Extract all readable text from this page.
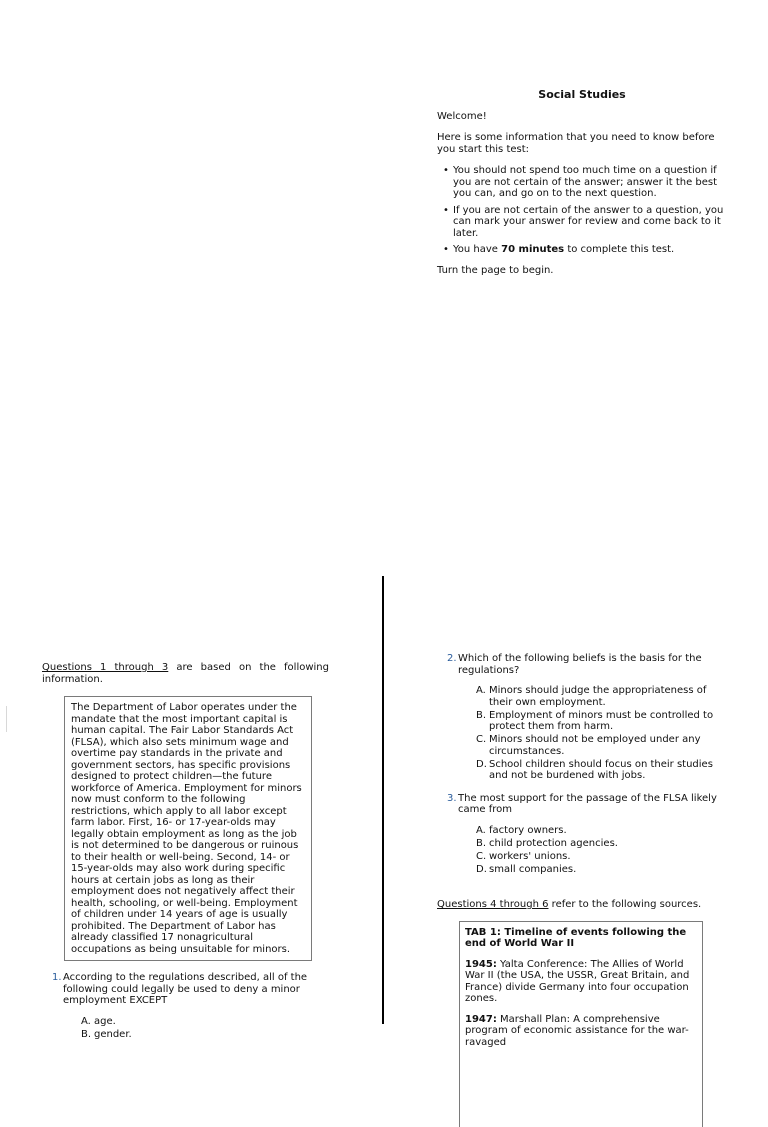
Social Studies

Welcome!

Here is some information that you need to know before you start this test:

• You should not spend too much time on a question if you are not certain of the answer; answer it the best you can, and go on to the next question.
• If you are not certain of the answer to a question, you can mark your answer for review and come back to it later.
• You have 70 minutes to complete this test.

Turn the page to begin.

Questions 1 through 3 are based on the following information.

The Department of Labor operates under the mandate that the most important capital is human capital. The Fair Labor Standards Act (FLSA), which also sets minimum wage and overtime pay standards in the private and government sectors, has specific provisions designed to protect children—the future workforce of America. Employment for minors now must conform to the following restrictions, which apply to all labor except farm labor. First, 16- or 17-year-olds may legally obtain employment as long as the job is not determined to be dangerous or ruinous to their health or well-being. Second, 14- or 15-year-olds may also work during specific hours at certain jobs as long as their employment does not negatively affect their health, schooling, or well-being. Employment of children under 14 years of age is usually prohibited. The Department of Labor has already classified 17 nonagricultural occupations as being unsuitable for minors.
1. According to the regulations described, all of the following could legally be used to deny a minor employment EXCEPT

A. age.
B. gender.
2. Which of the following beliefs is the basis for the regulations?

A. Minors should judge the appropriateness of their own employment.
B. Employment of minors must be controlled to protect them from harm.
C. Minors should not be employed under any circumstances.
D. School children should focus on their studies and not be burdened with jobs.
3. The most support for the passage of the FLSA likely came from

A. factory owners.
B. child protection agencies.
C. workers' unions.
D. small companies.

Questions 4 through 6 refer to the following sources.

TAB 1: Timeline of events following the end of World War II

1945: Yalta Conference: The Allies of World War II (the USA, the USSR, Great Britain, and France) divide Germany into four occupation zones.

1947: Marshall Plan: A comprehensive program of economic assistance for the war-ravaged
